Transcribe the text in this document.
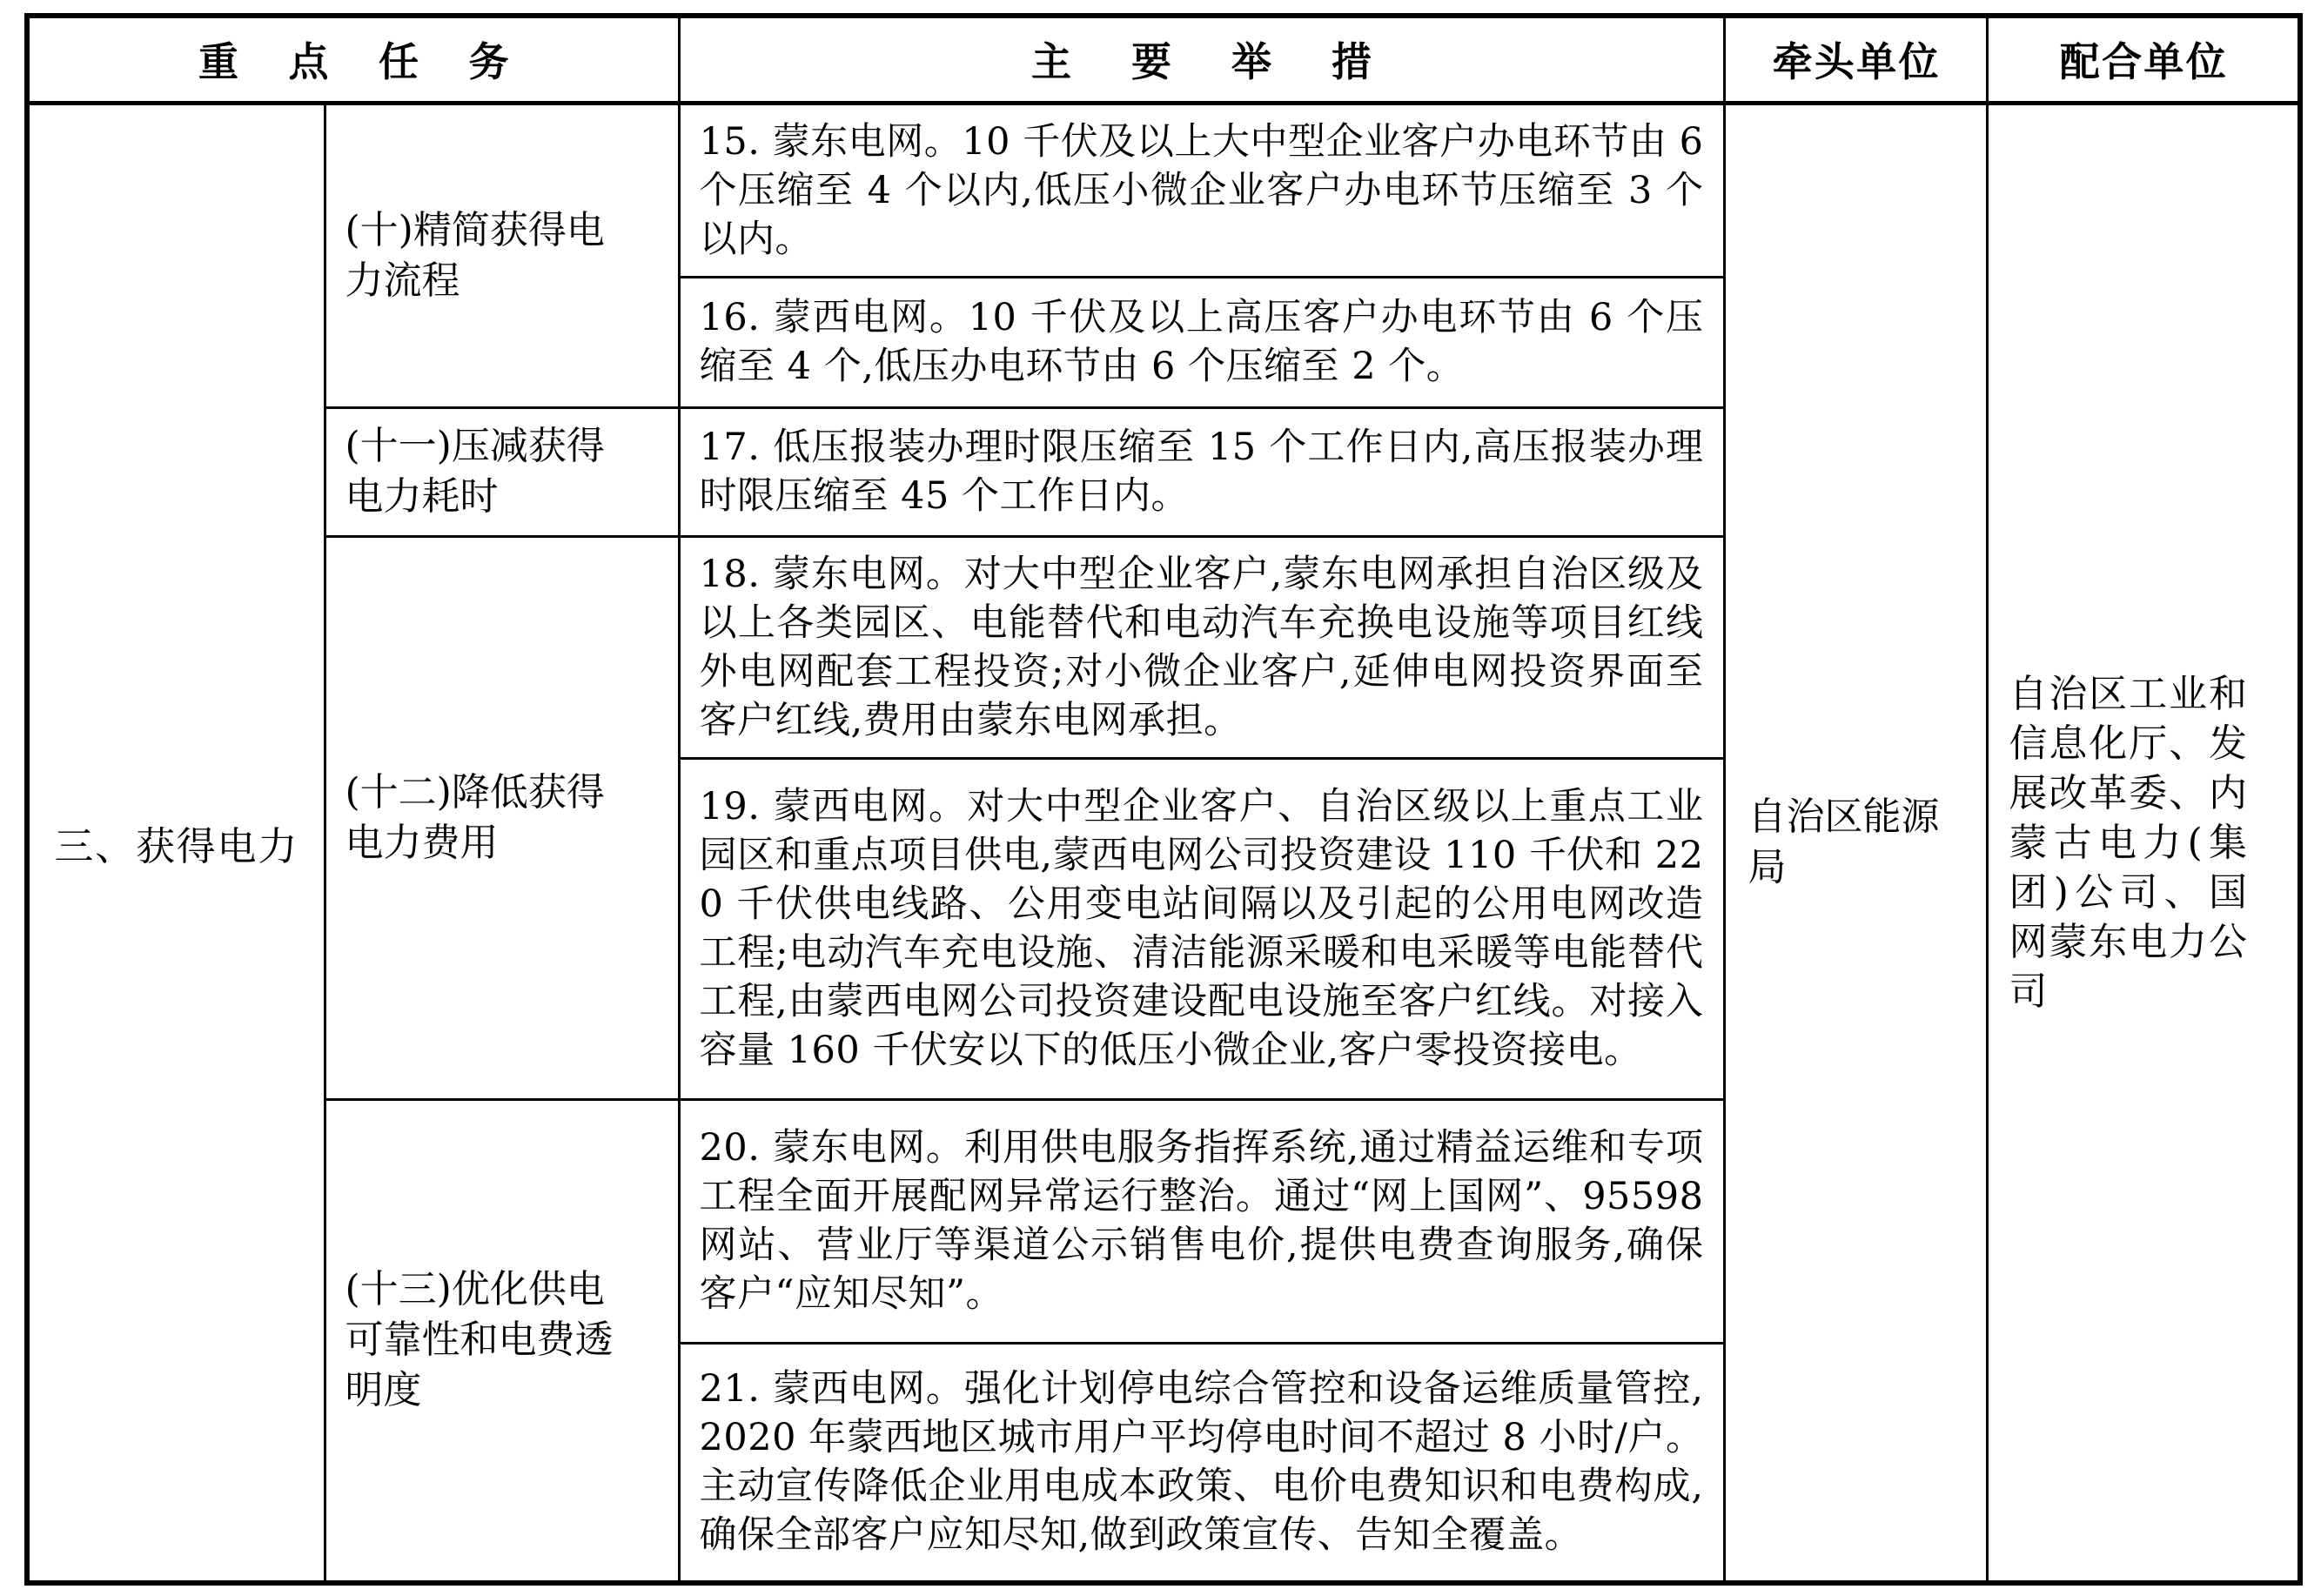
重点任务		主要举措	牵头单位	配合单位
三、获得电力	(十)精简获得电力流程	15. 蒙东电网。10 千伏及以上大中型企业客户办电环节由 6 个压缩至 4 个以内,低压小微企业客户办电环节压缩至 3 个以内。	自治区能源局	自治区工业和信息化厅、发展改革委、内蒙古电力(集团)公司、国网蒙东电力公司
		16. 蒙西电网。10 千伏及以上高压客户办电环节由 6 个压缩至 4 个,低压办电环节由 6 个压缩至 2 个。		
	(十一)压减获得电力耗时	17. 低压报装办理时限压缩至 15 个工作日内,高压报装办理时限压缩至 45 个工作日内。		
	(十二)降低获得电力费用	18. 蒙东电网。对大中型企业客户,蒙东电网承担自治区级及以上各类园区、电能替代和电动汽车充换电设施等项目红线外电网配套工程投资;对小微企业客户,延伸电网投资界面至客户红线,费用由蒙东电网承担。		
		19. 蒙西电网。对大中型企业客户、自治区级以上重点工业园区和重点项目供电,蒙西电网公司投资建设 110 千伏和 220 千伏供电线路、公用变电站间隔以及引起的公用电网改造工程;电动汽车充电设施、清洁能源采暖和电采暖等电能替代工程,由蒙西电网公司投资建设配电设施至客户红线。对接入容量 160 千伏安以下的低压小微企业,客户零投资接电。		
	(十三)优化供电可靠性和电费透明度	20. 蒙东电网。利用供电服务指挥系统,通过精益运维和专项工程全面开展配网异常运行整治。通过“网上国网”、95598 网站、营业厅等渠道公示销售电价,提供电费查询服务,确保客户“应知尽知”。		
		21. 蒙西电网。强化计划停电综合管控和设备运维质量管控,2020 年蒙西地区城市用户平均停电时间不超过 8 小时/户。主动宣传降低企业用电成本政策、电价电费知识和电费构成,确保全部客户应知尽知,做到政策宣传、告知全覆盖。		
